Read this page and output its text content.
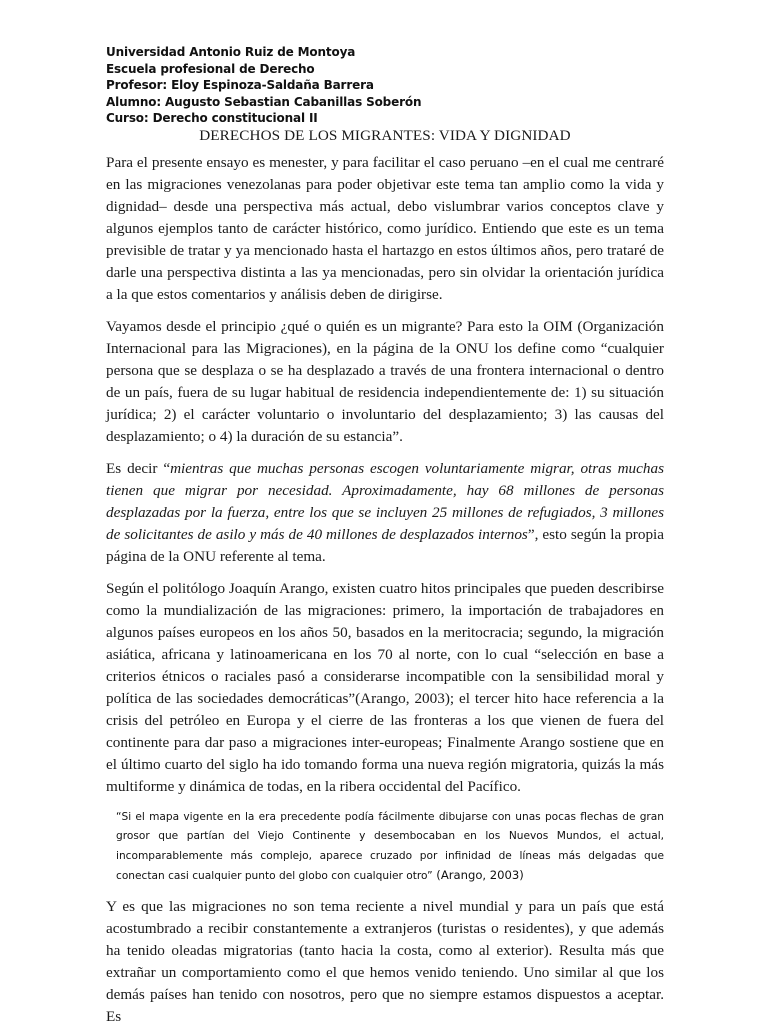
Universidad Antonio Ruiz de Montoya
Escuela profesional de Derecho
Profesor: Eloy Espinoza-Saldaña Barrera
Alumno: Augusto Sebastian Cabanillas Soberón
Curso: Derecho constitucional II
DERECHOS DE LOS MIGRANTES: VIDA Y DIGNIDAD

Para el presente ensayo es menester, y para facilitar el caso peruano –en el cual me centraré en las migraciones venezolanas para poder objetivar este tema tan amplio como la vida y dignidad– desde una perspectiva más actual, debo vislumbrar varios conceptos clave y algunos ejemplos tanto de carácter histórico, como jurídico. Entiendo que este es un tema previsible de tratar y ya mencionado hasta el hartazgo en estos últimos años, pero trataré de darle una perspectiva distinta a las ya mencionadas, pero sin olvidar la orientación jurídica a la que estos comentarios y análisis deben de dirigirse.

Vayamos desde el principio ¿qué o quién es un migrante? Para esto la OIM (Organización Internacional para las Migraciones), en la página de la ONU los define como “cualquier persona que se desplaza o se ha desplazado a través de una frontera internacional o dentro de un país, fuera de su lugar habitual de residencia independientemente de: 1) su situación jurídica; 2) el carácter voluntario o involuntario del desplazamiento; 3) las causas del desplazamiento; o 4) la duración de su estancia”.

Es decir “mientras que muchas personas escogen voluntariamente migrar, otras muchas tienen que migrar por necesidad. Aproximadamente, hay 68 millones de personas desplazadas por la fuerza, entre los que se incluyen 25 millones de refugiados, 3 millones de solicitantes de asilo y más de 40 millones de desplazados internos”, esto según la propia página de la ONU referente al tema.

Según el politólogo Joaquín Arango, existen cuatro hitos principales que pueden describirse como la mundialización de las migraciones: primero, la importación de trabajadores en algunos países europeos en los años 50, basados en la meritocracia; segundo, la migración asiática, africana y latinoamericana en los 70 al norte, con lo cual “selección en base a criterios étnicos o raciales pasó a considerarse incompatible con la sensibilidad moral y política de las sociedades democráticas”(Arango, 2003); el tercer hito hace referencia a la crisis del petróleo en Europa y el cierre de las fronteras a los que vienen de fuera del continente para dar paso a migraciones inter-europeas; Finalmente Arango sostiene que en el último cuarto del siglo ha ido tomando forma una nueva región migratoria, quizás la más multiforme y dinámica de todas, en la ribera occidental del Pacífico.

“Si el mapa vigente en la era precedente podía fácilmente dibujarse con unas pocas flechas de gran grosor que partían del Viejo Continente y desembocaban en los Nuevos Mundos, el actual, incomparablemente más complejo, aparece cruzado por infinidad de líneas más delgadas que conectan casi cualquier punto del globo con cualquier otro” (Arango, 2003)

Y es que las migraciones no son tema reciente a nivel mundial y para un país que está acostumbrado a recibir constantemente a extranjeros (turistas o residentes), y que además ha tenido oleadas migratorias (tanto hacia la costa, como al exterior). Resulta más que extrañar un comportamiento como el que hemos venido teniendo. Uno similar al que los demás países han tenido con nosotros, pero que no siempre estamos dispuestos a aceptar. Es
